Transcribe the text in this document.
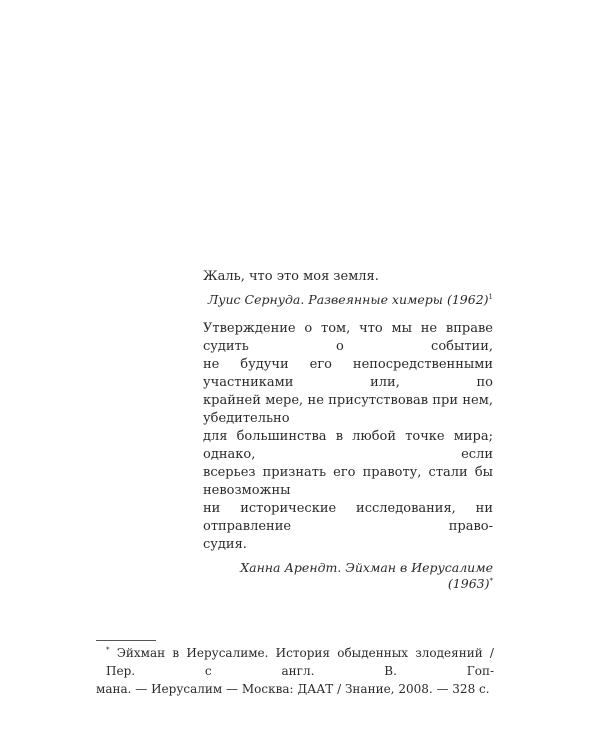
Жаль, что это моя земля.

Луис Сернуда. Развеянные химеры $(1962)^1$

Утверждение о том, что мы не вправе судить о событии,
не будучи его непосредственными участниками или, по
крайней мере, не присутствовав при нем, убедительно
для большинства в любой точке мира; однако, если
всерьез признать его правоту, стали бы невозможны
ни исторические исследования, ни отправление право-
судия.

Ханна Арендт. Эйхман в Иерусалиме (1963)*

* Эйхман в Иерусалиме. История обыденных злодеяний / Пер. с англ. В. Гоп-
мана. — Иерусалим — Москва: ДААТ / Знание, 2008. — 328 с.
